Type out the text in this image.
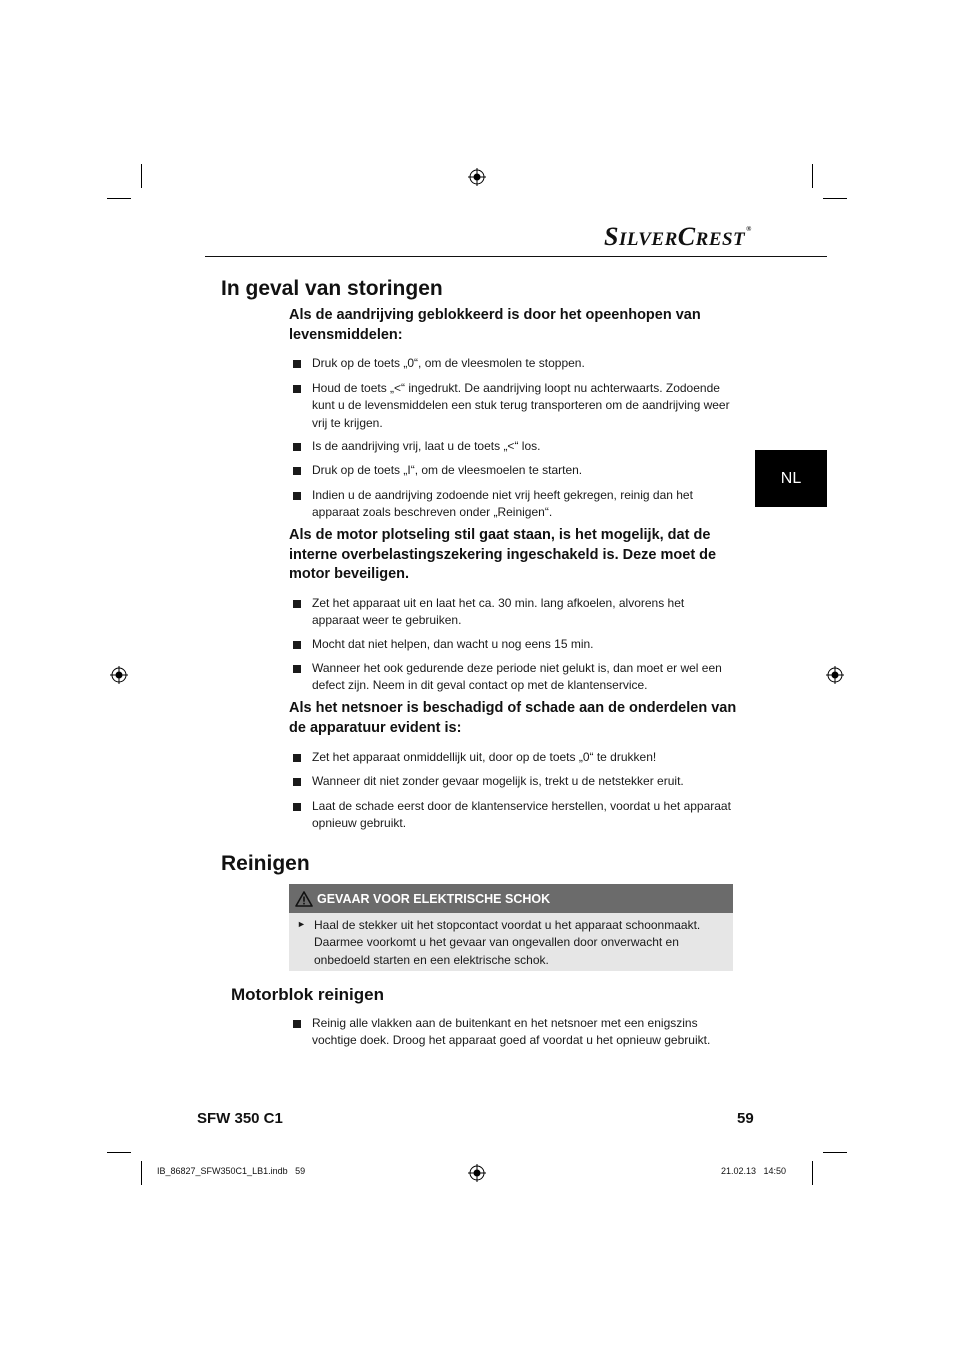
SILVERCREST®
NL
In geval van storingen

Als de aandrijving geblokkeerd is door het opeenhopen van levensmiddelen:

Druk op de toets „0“, om de vleesmolen te stoppen.
Houd de toets „<“ ingedrukt. De aandrijving loopt nu achterwaarts. Zodoende kunt u de levensmiddelen een stuk terug transporteren om de aandrijving weer vrij te krijgen.
Is de aandrijving vrij, laat u de toets „<“ los.
Druk op de toets „I“, om de vleesmoelen te starten.
Indien u de aandrijving zodoende niet vrij heeft gekregen, reinig dan het apparaat zoals beschreven onder „Reinigen“.

Als de motor plotseling stil gaat staan, is het mogelijk, dat de interne overbelastingszekering ingeschakeld is. Deze moet de motor beveiligen.

Zet het apparaat uit en laat het ca. 30 min. lang afkoelen, alvorens het apparaat weer te gebruiken.
Mocht dat niet helpen, dan wacht u nog eens 15 min.
Wanneer het ook gedurende deze periode niet gelukt is, dan moet er wel een defect zijn. Neem in dit geval contact op met de klantenservice.

Als het netsnoer is beschadigd of schade aan de onderdelen van de apparatuur evident is:

Zet het apparaat onmiddellijk uit, door op de toets „0“ te drukken!
Wanneer dit niet zonder gevaar mogelijk is, trekt u de netstekker eruit.
Laat de schade eerst door de klantenservice herstellen, voordat u het apparaat opnieuw gebruikt.
Reinigen
GEVAAR VOOR ELEKTRISCHE SCHOK
► Haal de stekker uit het stopcontact voordat u het apparaat schoonmaakt. Daarmee voorkomt u het gevaar van ongevallen door onverwacht en onbedoeld starten en een elektrische schok.
Motorblok reinigen
Reinig alle vlakken aan de buitenkant en het netsnoer met een enigszins vochtige doek. Droog het apparaat goed af voordat u het opnieuw gebruikt.
SFW 350 C1	59
IB_86827_SFW350C1_LB1.indb   59	21.02.13   14:50
